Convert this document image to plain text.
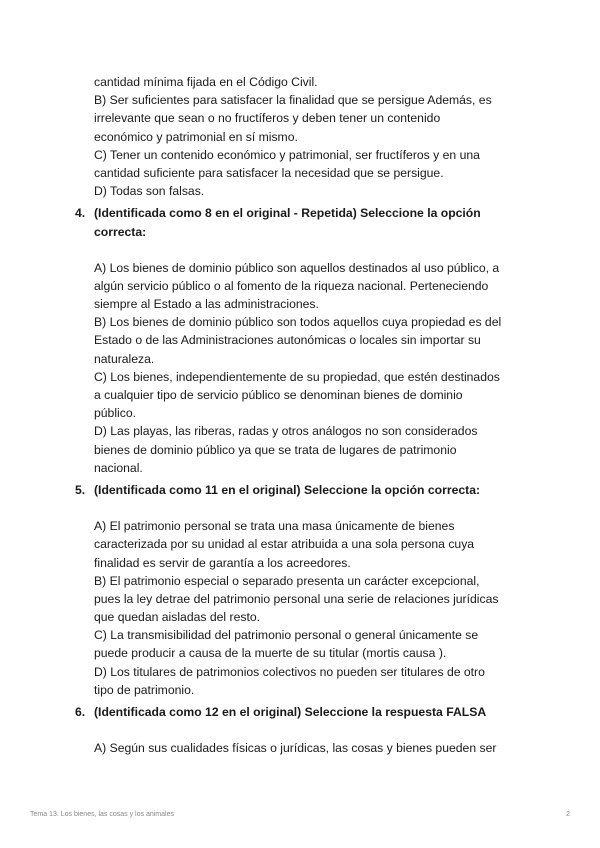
cantidad mínima fijada en el Código Civil.
B) Ser suficientes para satisfacer la finalidad que se persigue Además, es
irrelevante que sean o no fructíferos y deben tener un contenido
económico y patrimonial en sí mismo.
C) Tener un contenido económico y patrimonial, ser fructíferos y en una
cantidad suficiente para satisfacer la necesidad que se persigue.
D) Todas son falsas.
4. (Identificada como 8 en el original - Repetida) Seleccione la opción
correcta:
A) Los bienes de dominio público son aquellos destinados al uso público, a
algún servicio público o al fomento de la riqueza nacional. Perteneciendo
siempre al Estado a las administraciones.
B) Los bienes de dominio público son todos aquellos cuya propiedad es del
Estado o de las Administraciones autonómicas o locales sin importar su
naturaleza.
C) Los bienes, independientemente de su propiedad, que estén destinados
a cualquier tipo de servicio público se denominan bienes de dominio
público.
D) Las playas, las riberas, radas y otros análogos no son considerados
bienes de dominio público ya que se trata de lugares de patrimonio
nacional.
5. (Identificada como 11 en el original) Seleccione la opción correcta:
A) El patrimonio personal se trata una masa únicamente de bienes
caracterizada por su unidad al estar atribuida a una sola persona cuya
finalidad es servir de garantía a los acreedores.
B) El patrimonio especial o separado presenta un carácter excepcional,
pues la ley detrae del patrimonio personal una serie de relaciones jurídicas
que quedan aisladas del resto.
C) La transmisibilidad del patrimonio personal o general únicamente se
puede producir a causa de la muerte de su titular (mortis causa ).
D) Los titulares de patrimonios colectivos no pueden ser titulares de otro
tipo de patrimonio.
6. (Identificada como 12 en el original) Seleccione la respuesta FALSA
A) Según sus cualidades físicas o jurídicas, las cosas y bienes pueden ser
Tema 13. Los bienes, las cosas y los animales	2
